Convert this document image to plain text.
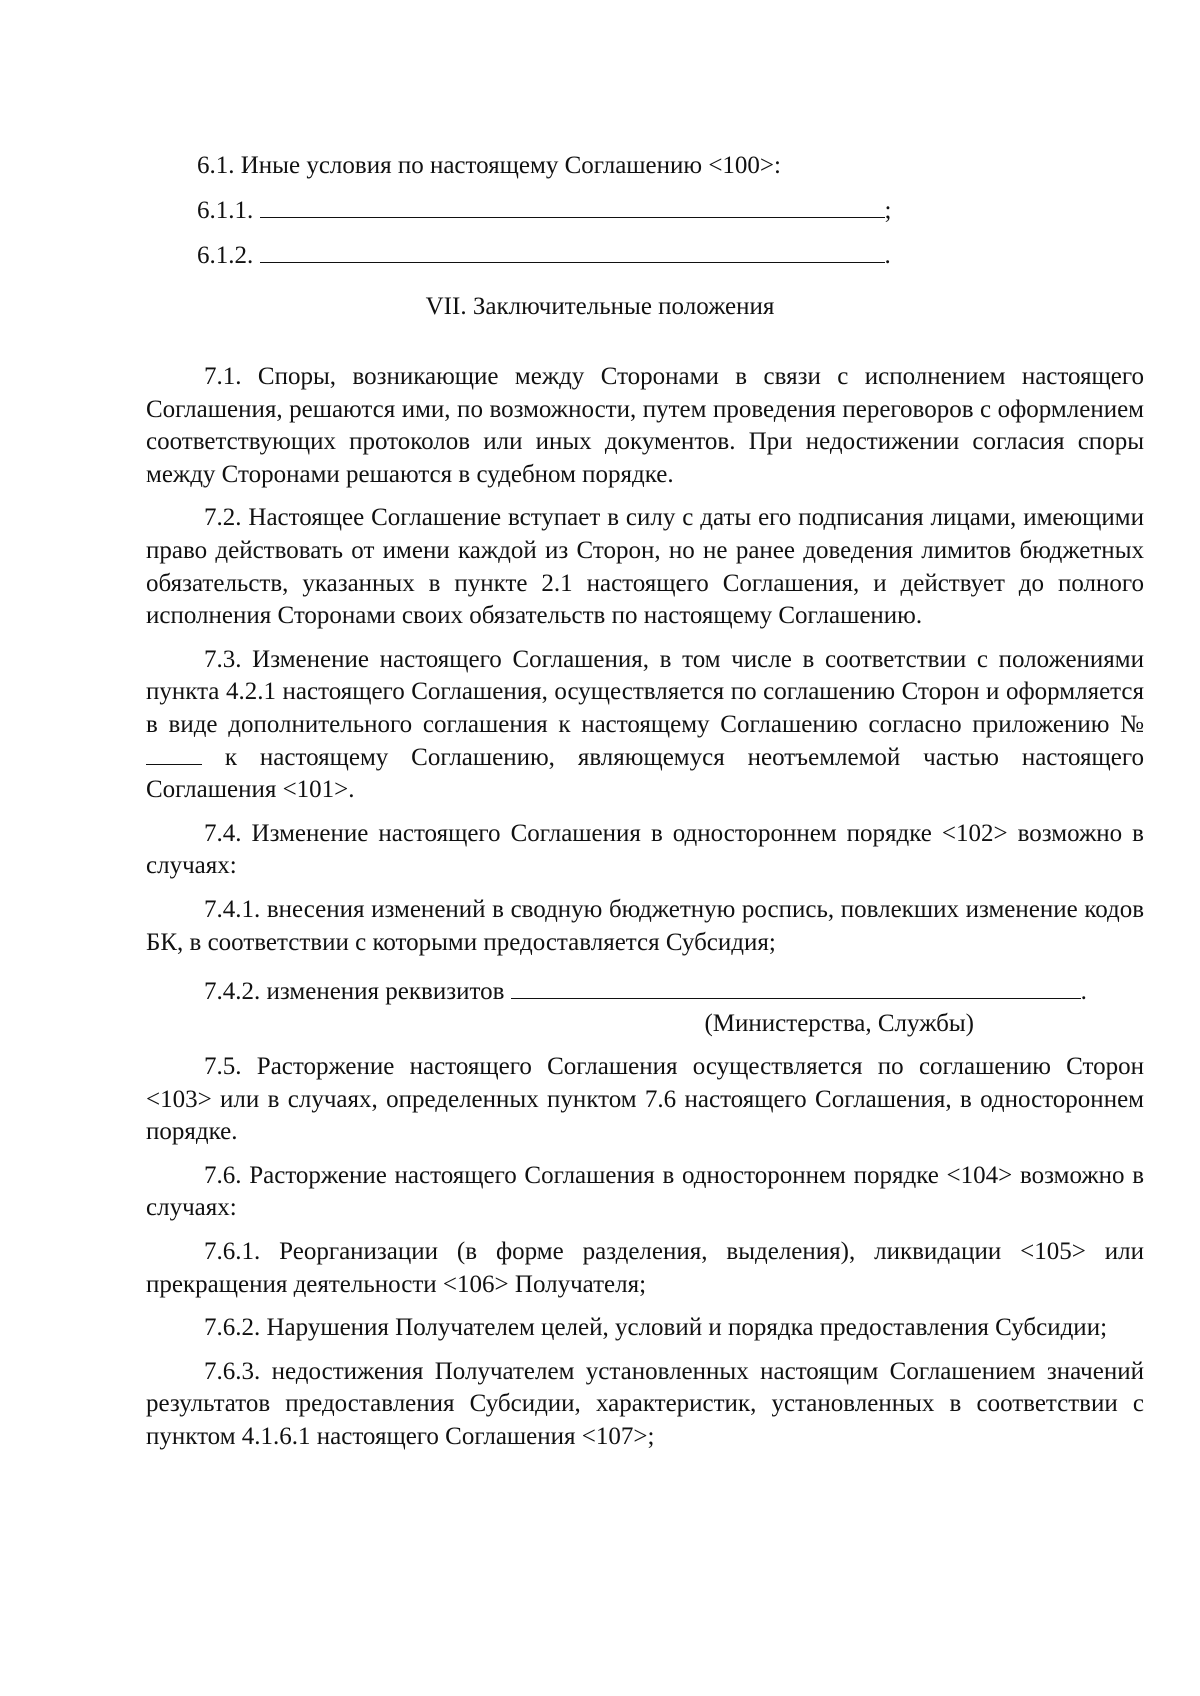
6.1. Иные условия по настоящему Соглашению <100>:
6.1.1.	;
6.1.2.	.
VII. Заключительные положения

7.1. Споры, возникающие между Сторонами в связи с исполнением настоящего Соглашения, решаются ими, по возможности, путем проведения переговоров с оформлением соответствующих протоколов или иных документов. При недостижении согласия споры между Сторонами решаются в судебном порядке.

7.2. Настоящее Соглашение вступает в силу с даты его подписания лицами, имеющими право действовать от имени каждой из Сторон, но не ранее доведения лимитов бюджетных обязательств, указанных в пункте 2.1 настоящего Соглашения, и действует до полного исполнения Сторонами своих обязательств по настоящему Соглашению.

7.3. Изменение настоящего Соглашения, в том числе в соответствии с положениями пункта 4.2.1 настоящего Соглашения, осуществляется по соглашению Сторон и оформляется в виде дополнительного соглашения к настоящему Соглашению согласно приложению №  к настоящему Соглашению, являющемуся неотъемлемой частью настоящего Соглашения <101>.

7.4. Изменение настоящего Соглашения в одностороннем порядке <102> возможно в случаях:

7.4.1. внесения изменений в сводную бюджетную роспись, повлекших изменение кодов БК, в соответствии с которыми предоставляется Субсидия;

7.4.2. изменения реквизитов	.
(Министерства, Службы)

7.5. Расторжение настоящего Соглашения осуществляется по соглашению Сторон <103> или в случаях, определенных пунктом 7.6 настоящего Соглашения, в одностороннем порядке.

7.6. Расторжение настоящего Соглашения в одностороннем порядке <104> возможно в случаях:

7.6.1. Реорганизации (в форме разделения, выделения), ликвидации <105> или прекращения деятельности <106> Получателя;

7.6.2. Нарушения Получателем целей, условий и порядка предоставления Субсидии;

7.6.3. недостижения Получателем установленных настоящим Соглашением значений результатов предоставления Субсидии, характеристик, установленных в соответствии с пунктом 4.1.6.1 настоящего Соглашения <107>;
